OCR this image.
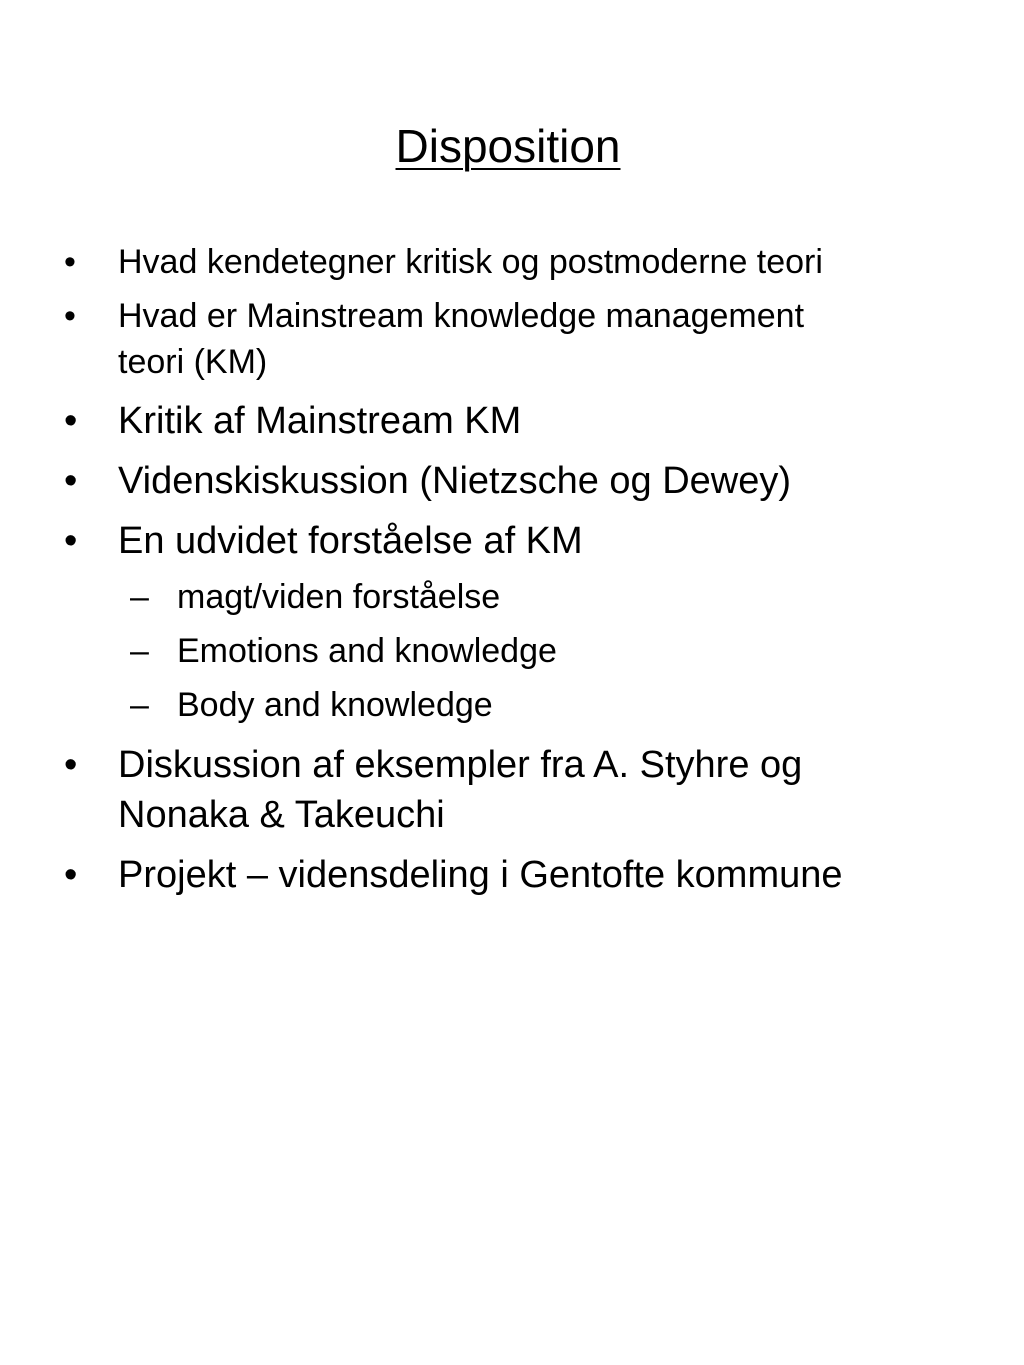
Disposition
• Hvad kendetegner kritisk og postmoderne teori
• Hvad er Mainstream knowledge management
teori (KM)
• Kritik af Mainstream KM
• Videnskiskussion (Nietzsche og Dewey)
• En udvidet forståelse af KM
– magt/viden forståelse
– Emotions and knowledge
– Body and knowledge
• Diskussion af eksempler fra A. Styhre og
Nonaka & Takeuchi
• Projekt – vidensdeling i Gentofte kommune
